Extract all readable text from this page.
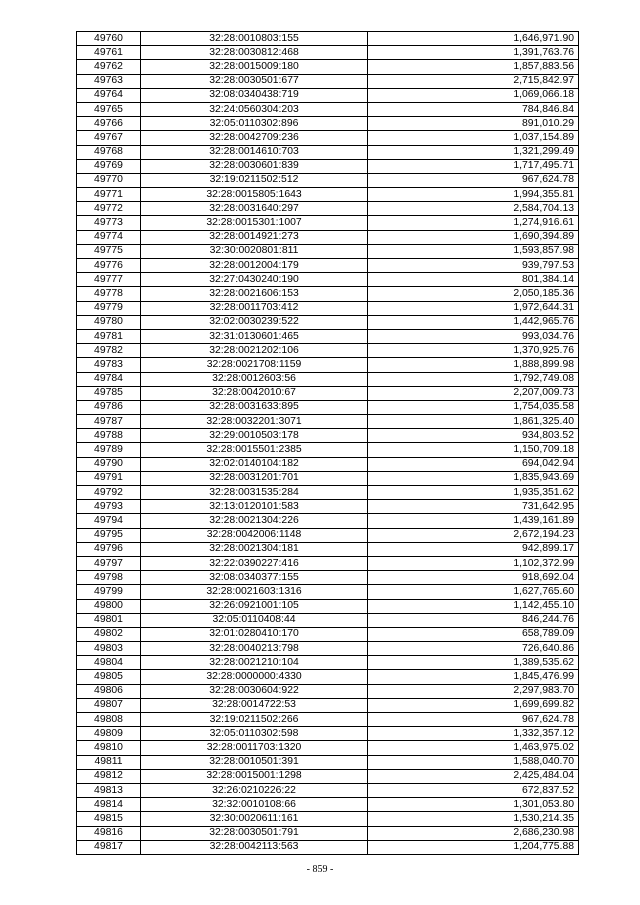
49760	32:28:0010803:155	1,646,971.90
49761	32:28:0030812:468	1,391,763.76
49762	32:28:0015009:180	1,857,883.56
49763	32:28:0030501:677	2,715,842.97
49764	32:08:0340438:719	1,069,066.18
49765	32:24:0560304:203	784,846.84
49766	32:05:0110302:896	891,010.29
49767	32:28:0042709:236	1,037,154.89
49768	32:28:0014610:703	1,321,299.49
49769	32:28:0030601:839	1,717,495.71
49770	32:19:0211502:512	967,624.78
49771	32:28:0015805:1643	1,994,355.81
49772	32:28:0031640:297	2,584,704.13
49773	32:28:0015301:1007	1,274,916.61
49774	32:28:0014921:273	1,690,394.89
49775	32:30:0020801:811	1,593,857.98
49776	32:28:0012004:179	939,797.53
49777	32:27:0430240:190	801,384.14
49778	32:28:0021606:153	2,050,185.36
49779	32:28:0011703:412	1,972,644.31
49780	32:02:0030239:522	1,442,965.76
49781	32:31:0130601:465	993,034.76
49782	32:28:0021202:106	1,370,925.76
49783	32:28:0021708:1159	1,888,899.98
49784	32:28:0012603:56	1,792,749.08
49785	32:28:0042010:67	2,207,009.73
49786	32:28:0031633:895	1,754,035.58
49787	32:28:0032201:3071	1,861,325.40
49788	32:29:0010503:178	934,803.52
49789	32:28:0015501:2385	1,150,709.18
49790	32:02:0140104:182	694,042.94
49791	32:28:0031201:701	1,835,943.69
49792	32:28:0031535:284	1,935,351.62
49793	32:13:0120101:583	731,642.95
49794	32:28:0021304:226	1,439,161.89
49795	32:28:0042006:1148	2,672,194.23
49796	32:28:0021304:181	942,899.17
49797	32:22:0390227:416	1,102,372.99
49798	32:08:0340377:155	918,692.04
49799	32:28:0021603:1316	1,627,765.60
49800	32:26:0921001:105	1,142,455.10
49801	32:05:0110408:44	846,244.76
49802	32:01:0280410:170	658,789.09
49803	32:28:0040213:798	726,640.86
49804	32:28:0021210:104	1,389,535.62
49805	32:28:0000000:4330	1,845,476.99
49806	32:28:0030604:922	2,297,983.70
49807	32:28:0014722:53	1,699,699.82
49808	32:19:0211502:266	967,624.78
49809	32:05:0110302:598	1,332,357.12
49810	32:28:0011703:1320	1,463,975.02
49811	32:28:0010501:391	1,588,040.70
49812	32:28:0015001:1298	2,425,484.04
49813	32:26:0210226:22	672,837.52
49814	32:32:0010108:66	1,301,053.80
49815	32:30:0020611:161	1,530,214.35
49816	32:28:0030501:791	2,686,230.98
49817	32:28:0042113:563	1,204,775.88
- 859 -
